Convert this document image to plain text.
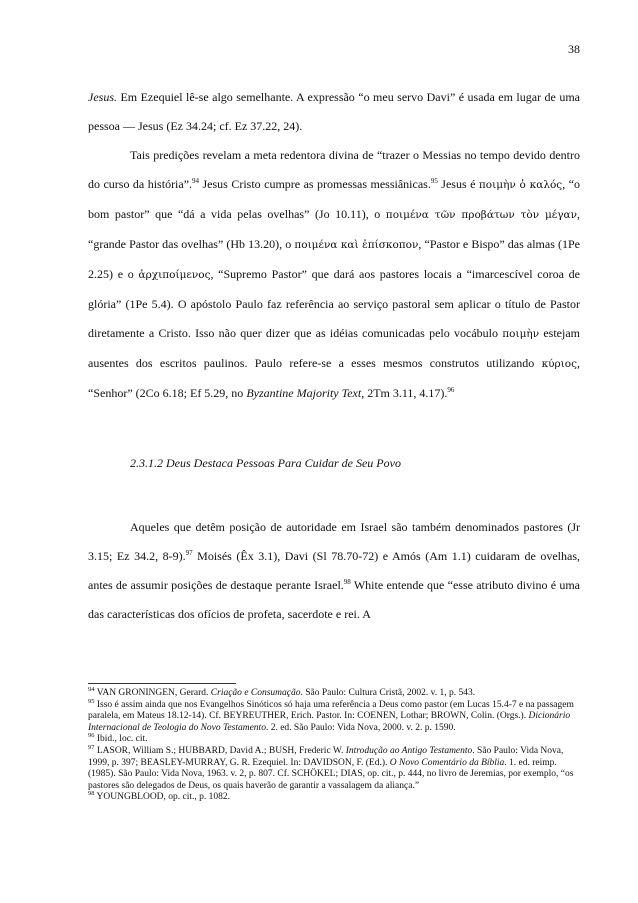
38

Jesus. Em Ezequiel lê-se algo semelhante. A expressão “o meu servo Davi” é usada em lugar de uma pessoa — Jesus (Ez 34.24; cf. Ez 37.22, 24).

Tais predições revelam a meta redentora divina de “trazer o Messias no tempo devido dentro do curso da história”.$^{94}$ Jesus Cristo cumpre as promessas messiânicas.$^{95}$ Jesus é ποιμὴν ὁ καλός, “o bom pastor” que “dá a vida pelas ovelhas” (Jo 10.11), o ποιμένα τῶν προβάτων τὸν μέγαν, “grande Pastor das ovelhas” (Hb 13.20), o ποιμένα καὶ ἐπίσκοπον, “Pastor e Bispo” das almas (1Pe 2.25) e o ἀρχιποίμενος, “Supremo Pastor” que dará aos pastores locais a “imarcescível coroa de glória” (1Pe 5.4). O apóstolo Paulo faz referência ao serviço pastoral sem aplicar o título de Pastor diretamente a Cristo. Isso não quer dizer que as idéias comunicadas pelo vocábulo ποιμὴν estejam ausentes dos escritos paulinos. Paulo refere-se a esses mesmos construtos utilizando κύριος, “Senhor” (2Co 6.18; Ef 5.29, no Byzantine Majority Text, 2Tm 3.11, 4.17).$^{96}$

2.3.1.2 Deus Destaca Pessoas Para Cuidar de Seu Povo

Aqueles que detêm posição de autoridade em Israel são também denominados pastores (Jr 3.15; Ez 34.2, 8-9).$^{97}$ Moisés (Êx 3.1), Davi (Sl 78.70-72) e Amós (Am 1.1) cuidaram de ovelhas, antes de assumir posições de destaque perante Israel.$^{98}$ White entende que “esse atributo divino é uma das características dos ofícios de profeta, sacerdote e rei. A

$^{94}$ VAN GRONINGEN, Gerard. Criação e Consumação. São Paulo: Cultura Cristã, 2002. v. 1, p. 543.

$^{95}$ Isso é assim ainda que nos Evangelhos Sinóticos só haja uma referência a Deus como pastor (em Lucas 15.4-7 e na passagem paralela, em Mateus 18.12-14). Cf. BEYREUTHER, Erich. Pastor. In: COENEN, Lothar; BROWN, Colin. (Orgs.). Dicionário Internacional de Teologia do Novo Testamento. 2. ed. São Paulo: Vida Nova, 2000. v. 2. p. 1590.

$^{96}$ Ibid., loc. cit.

$^{97}$ LASOR, William S.; HUBBARD, David A.; BUSH, Frederic W. Introdução ao Antigo Testamento. São Paulo: Vida Nova, 1999, p. 397; BEASLEY-MURRAY, G. R. Ezequiel. In: DAVIDSON, F. (Ed.). O Novo Comentário da Bíblia. 1. ed. reimp. (1985). São Paulo: Vida Nova, 1963. v. 2, p. 807. Cf. SCHÖKEL; DIAS, op. cit., p. 444, no livro de Jeremias, por exemplo, “os pastores são delegados de Deus, os quais haverão de garantir a vassalagem da aliança.”

$^{98}$ YOUNGBLOOD, op. cit., p. 1082.
